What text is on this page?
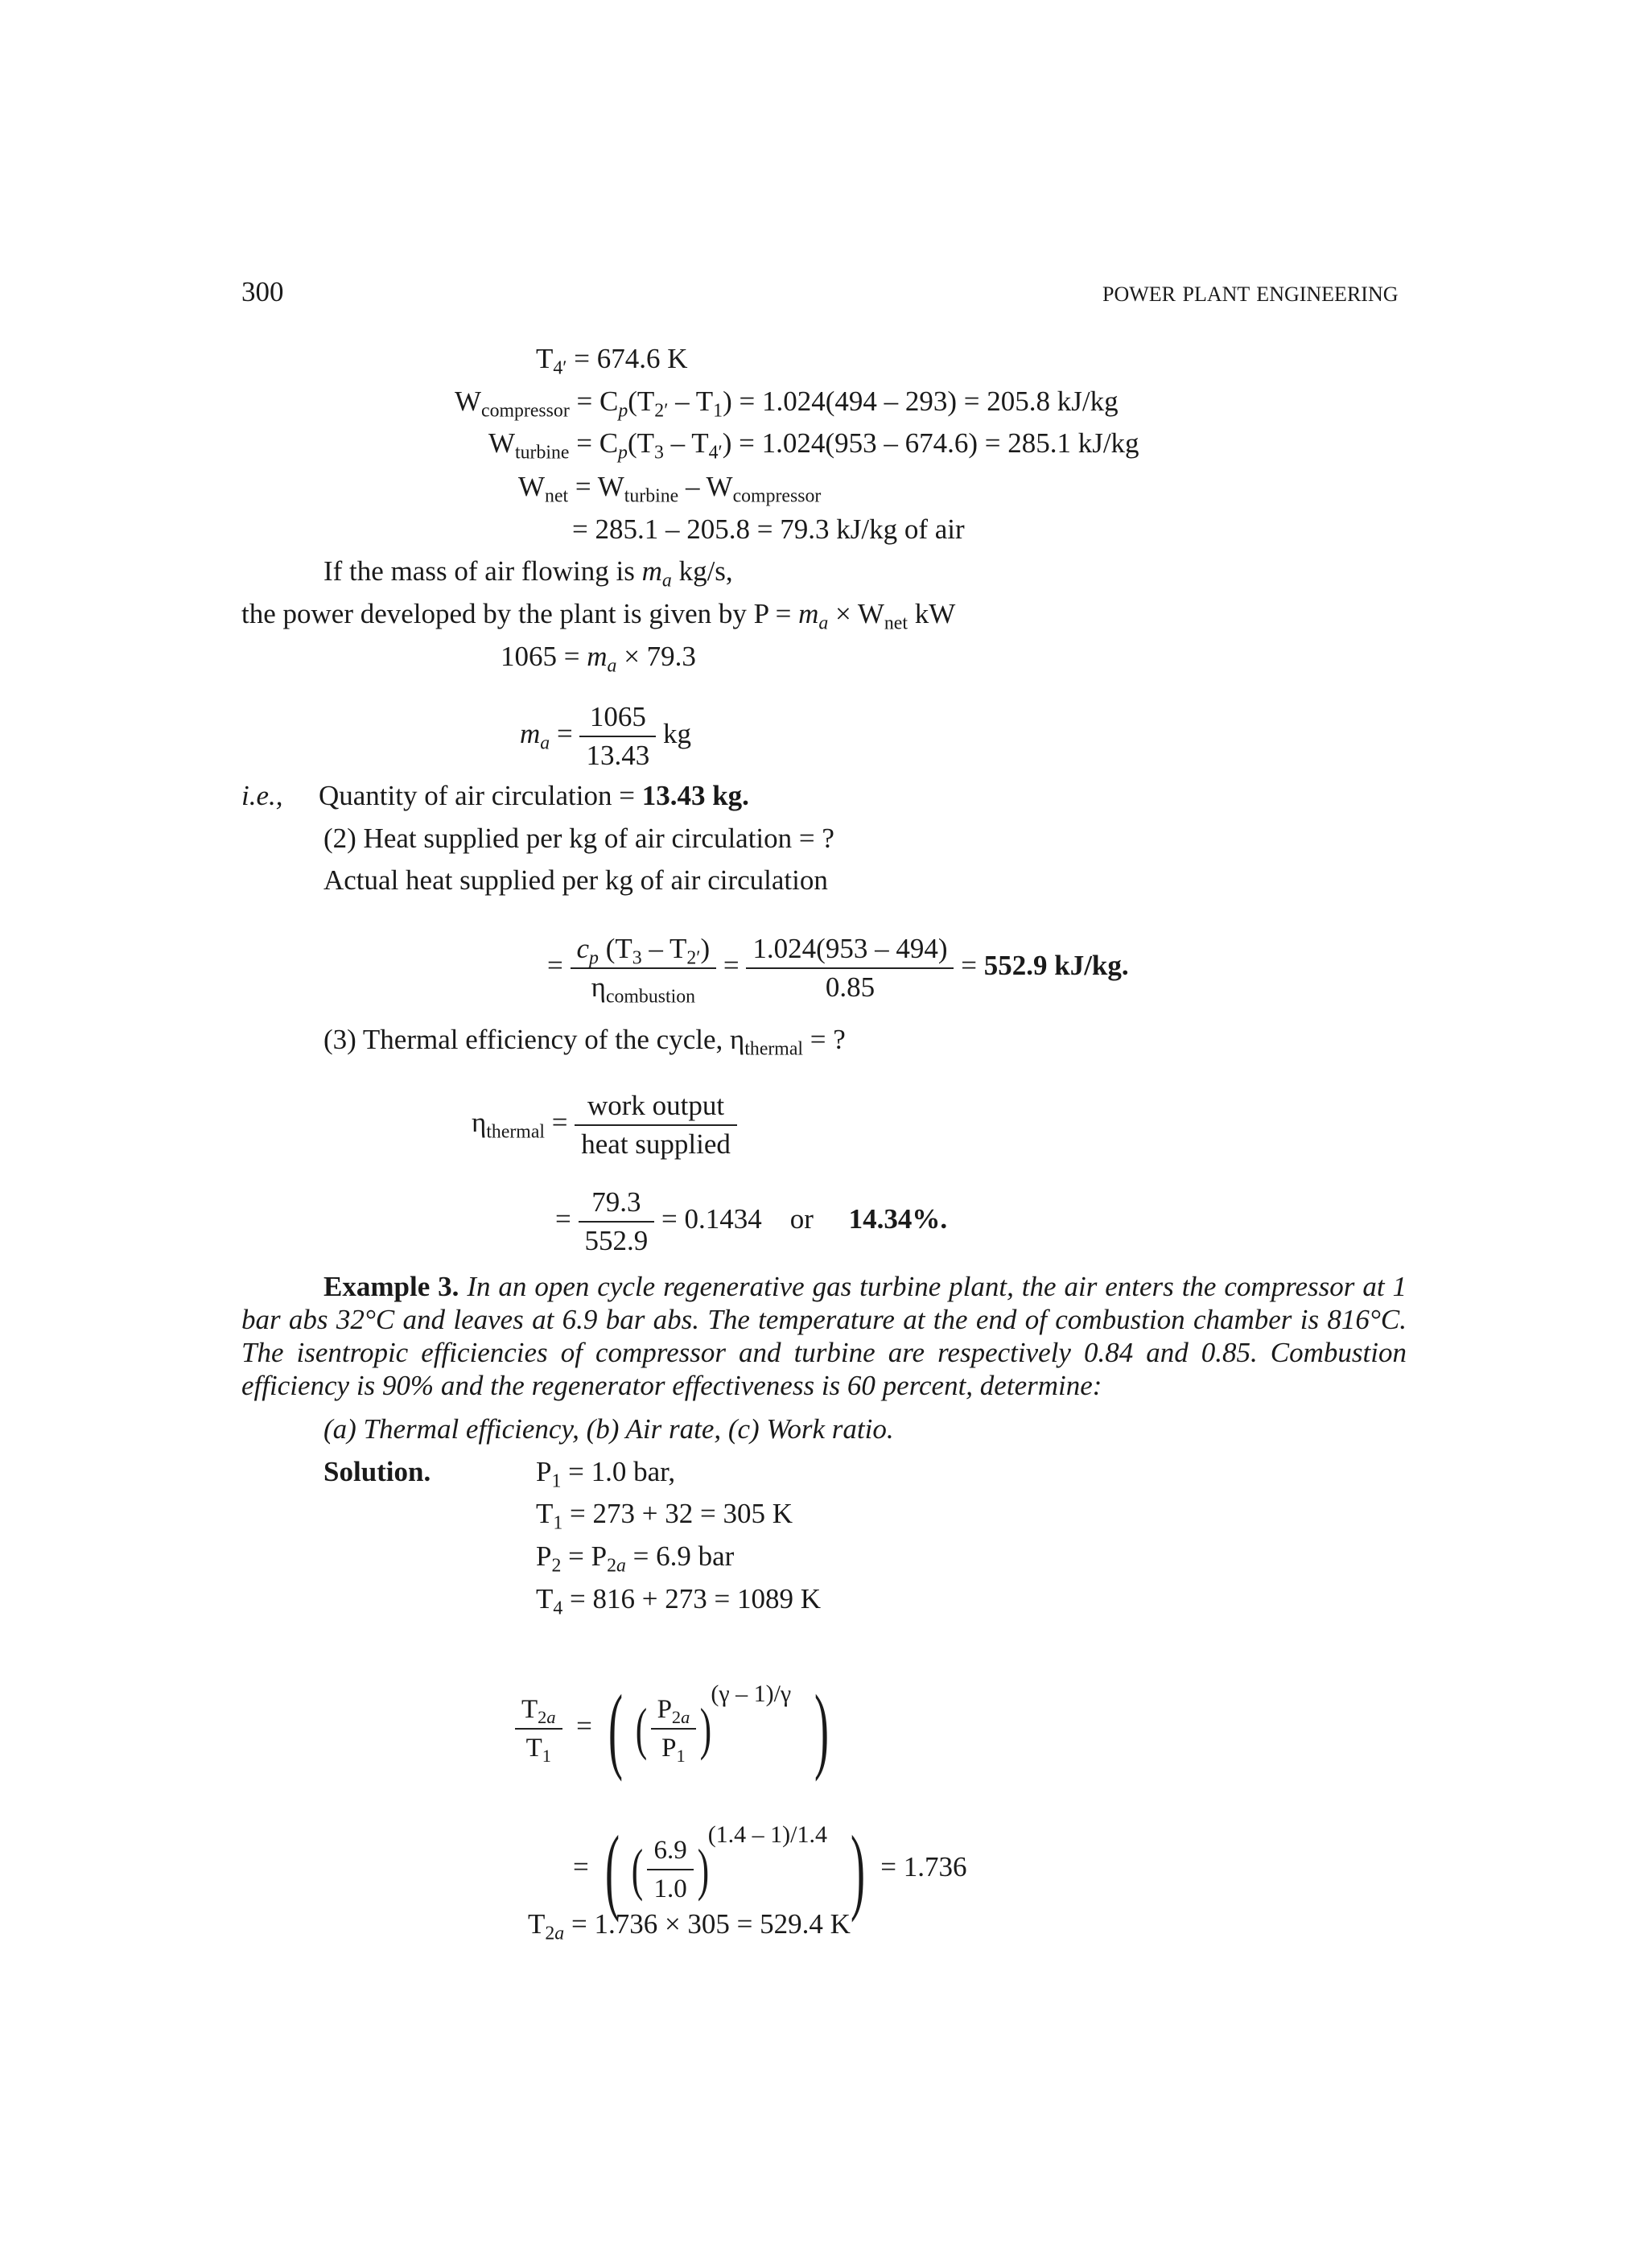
300	POWER PLANT ENGINEERING
$T_{4'} = 674.6$ K
$W_{compressor} = C_p(T_{2'} - T_1) = 1.024(494 - 293) = 205.8$ kJ/kg
$W_{turbine} = C_p(T_3 - T_{4'}) = 1.024(953 - 674.6) = 285.1$ kJ/kg
$W_{net} = W_{turbine} - W_{compressor}$
= 285.1 – 205.8 = 79.3 kJ/kg of air
If the mass of air flowing is $m_a$ kg/s,
the power developed by the plant is given by $P = m_a \times W_{net}$ kW
$1065 = m_a \times 79.3$
$m_a = \frac{1065}{13.43}$ kg
i.e., Quantity of air circulation = 13.43 kg.
(2) Heat supplied per kg of air circulation = ?
Actual heat supplied per kg of air circulation
= $\frac{c_p (T_3 - T_{2'})}{\eta_{combustion}} = \frac{1.024(953 - 494)}{0.85} = 552.9$ kJ/kg.
(3) Thermal efficiency of the cycle, $\eta_{thermal}$ = ?
$\eta_{thermal} = \frac{\text{work output}}{\text{heat supplied}}$
= $\frac{79.3}{552.9} = 0.1434$ or 14.34%.
Example 3. In an open cycle regenerative gas turbine plant, the air enters the compressor at 1 bar abs 32°C and leaves at 6.9 bar abs. The temperature at the end of combustion chamber is 816°C. The isentropic efficiencies of compressor and turbine are respectively 0.84 and 0.85. Combustion efficiency is 90% and the regenerator effectiveness is 60 percent, determine:
(a) Thermal efficiency, (b) Air rate, (c) Work ratio.
Solution.	$P_1 = 1.0$ bar,
$T_1 = 273 + 32 = 305$ K
$P_2 = P_{2a} = 6.9$ bar
$T_4 = 816 + 273 = 1089$ K
$\frac{T_{2a}}{T_1}$ = ( ( $\frac{P_{2a}}{P_1} )(\gamma - 1)/\gamma$ )
= ( ( $\frac{6.9}{1.0} )(1.4 - 1)/1.4$ ) = 1.736
$T_{2a} = 1.736 \times 305 = 529.4$ K
